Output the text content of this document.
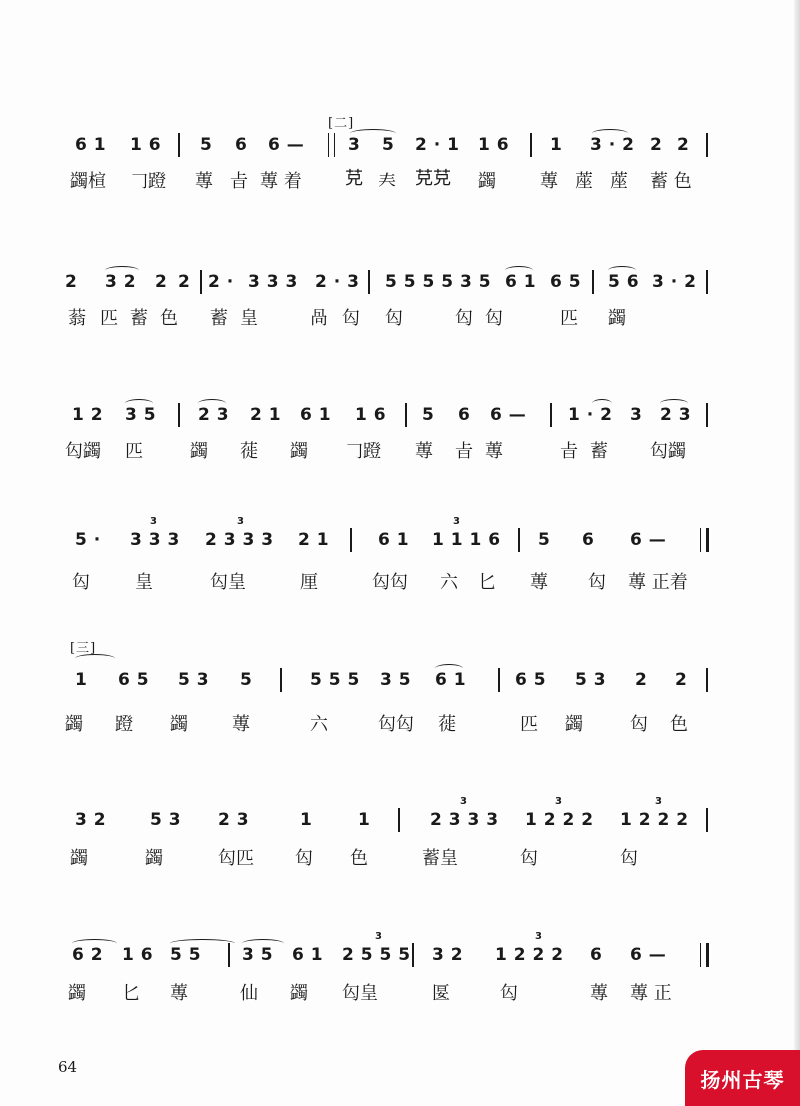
[二]
6 1 1 6 5 6 6 —	3 5 2 · 1 1 6 1 3 · 2 2 2
蠲楦 𠃌蹬 蓴 㫖 蓴 着 𦬺 𡗗 𦬺𦬺 蠲 蓴 蓙 蓙 蓄 色
2 3 2 2 2 2 · 3 3 3 2 · 3 5 5 5 5 3 5 6 1 6 5 5 6 3 · 2
蓊 匹 蓄 色 蓄 皇	咼 匃 匃	匃 匃	匹 蠲
1 2 3 5 2 3 2 1 6 1 1 6 5 6 6 — 1 · 2 3 2 3
匃蠲 匹	蠲 蓰 蠲 𠃌蹬 蓴 㫖 蓴	㫖 蓄 匃蠲
3	3	3
5 · 3 3 3 2 3 3 3 2 1	6 1 1 1 1 6 5 6 6 —
匃	皇	匃皇	厘	匃匃 六 匕 蓴 匃 蓴 正着
[三]
1 6 5 5 3 5	5 5 5 3 5 6 1	6 5 5 3 2 2
蠲 蹬 蠲 蓴	六	匃匃 蓰	匹 蠲	匃 色
3	3	3
3 2	5 3 2 3	1	1	2 3 3 3 1 2 2 2 1 2 2 2
蠲	蠲	匃匹 匃 色	蓄皇	匃	匃
3	3
6 2 1 6 5 5 3 5 6 1 2 5 5 5 3 2 1 2 2 2 6 6 —
蠲 匕 蓴	仙 蠲 匃皇	匽	匃	蓴 蓴 正
64
扬州古琴
